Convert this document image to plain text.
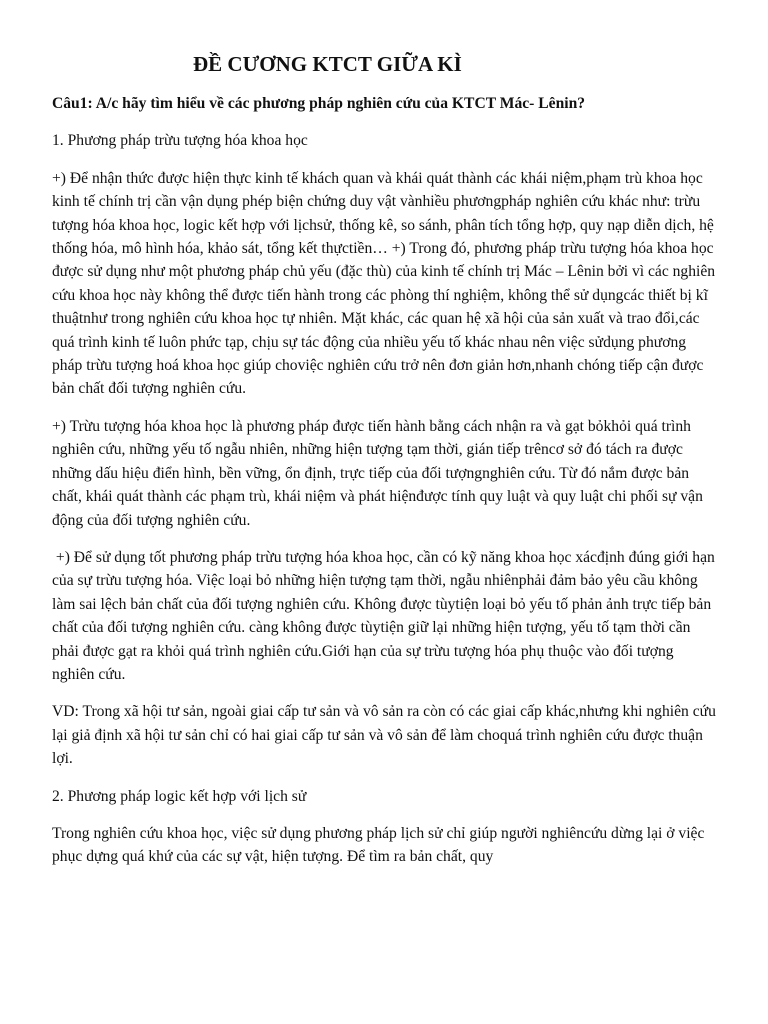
ĐỀ CƯƠNG KTCT GIỮA KÌ
Câu1: A/c hãy tìm hiểu về các phương pháp nghiên cứu của KTCT Mác- Lênin?

1. Phương pháp trừu tượng hóa khoa học

+) Để nhận thức được hiện thực kinh tế khách quan và khái quát thành các khái niệm,phạm trù khoa học kinh tế chính trị cần vận dụng phép biện chứng duy vật vànhiều phươngpháp nghiên cứu khác như: trừu tượng hóa khoa học, logic kết hợp với lịchsử, thống kê, so sánh, phân tích tổng hợp, quy nạp diễn dịch, hệ thống hóa, mô hình hóa, khảo sát, tổng kết thựctiền… +) Trong đó, phương pháp trừu tượng hóa khoa học được sử dụng như một phương pháp chủ yếu (đặc thù) của kinh tế chính trị Mác – Lênin bởi vì các nghiên cứu khoa học này không thể được tiến hành trong các phòng thí nghiệm, không thể sử dụngcác thiết bị kĩ thuậtnhư trong nghiên cứu khoa học tự nhiên. Mặt khác, các quan hệ xã hội của sản xuất và trao đổi,các quá trình kinh tế luôn phức tạp, chịu sự tác động của nhiều yếu tố khác nhau nên việc sửdụng phương pháp trừu tượng hoá khoa học giúp choviệc nghiên cứu trở nên đơn giản hơn,nhanh chóng tiếp cận được bản chất đối tượng nghiên cứu.

+) Trừu tượng hóa khoa học là phương pháp được tiến hành bằng cách nhận ra và gạt bỏkhỏi quá trình nghiên cứu, những yếu tố ngẫu nhiên, những hiện tượng tạm thời, gián tiếp trêncơ sở đó tách ra được những dấu hiệu điển hình, bền vững, ổn định, trực tiếp của đối tượngnghiên cứu. Từ đó nắm được bản chất, khái quát thành các phạm trù, khái niệm và phát hiệnđược tính quy luật và quy luật chi phối sự vận động của đối tượng nghiên cứu.

+) Để sử dụng tốt phương pháp trừu tượng hóa khoa học, cần có kỹ năng khoa học xácđịnh đúng giới hạn của sự trừu tượng hóa. Việc loại bỏ những hiện tượng tạm thời, ngẫu nhiênphải đảm bảo yêu cầu không làm sai lệch bản chất của đối tượng nghiên cứu. Không được tùytiện loại bỏ yếu tố phản ảnh trực tiếp bản chất của đối tượng nghiên cứu. càng không được tùytiện giữ lại những hiện tượng, yếu tố tạm thời cần phải được gạt ra khỏi quá trình nghiên cứu.Giới hạn của sự trừu tượng hóa phụ thuộc vào đối tượng nghiên cứu.

VD: Trong xã hội tư sản, ngoài giai cấp tư sản và vô sản ra còn có các giai cấp khác,nhưng khi nghiên cứu lại giả định xã hội tư sản chỉ có hai giai cấp tư sản và vô sản để làm choquá trình nghiên cứu được thuận lợi.

2. Phương pháp logic kết hợp với lịch sử

Trong nghiên cứu khoa học, việc sử dụng phương pháp lịch sử chỉ giúp người nghiêncứu dừng lại ở việc phục dựng quá khứ của các sự vật, hiện tượng. Để tìm ra bản chất, quy
